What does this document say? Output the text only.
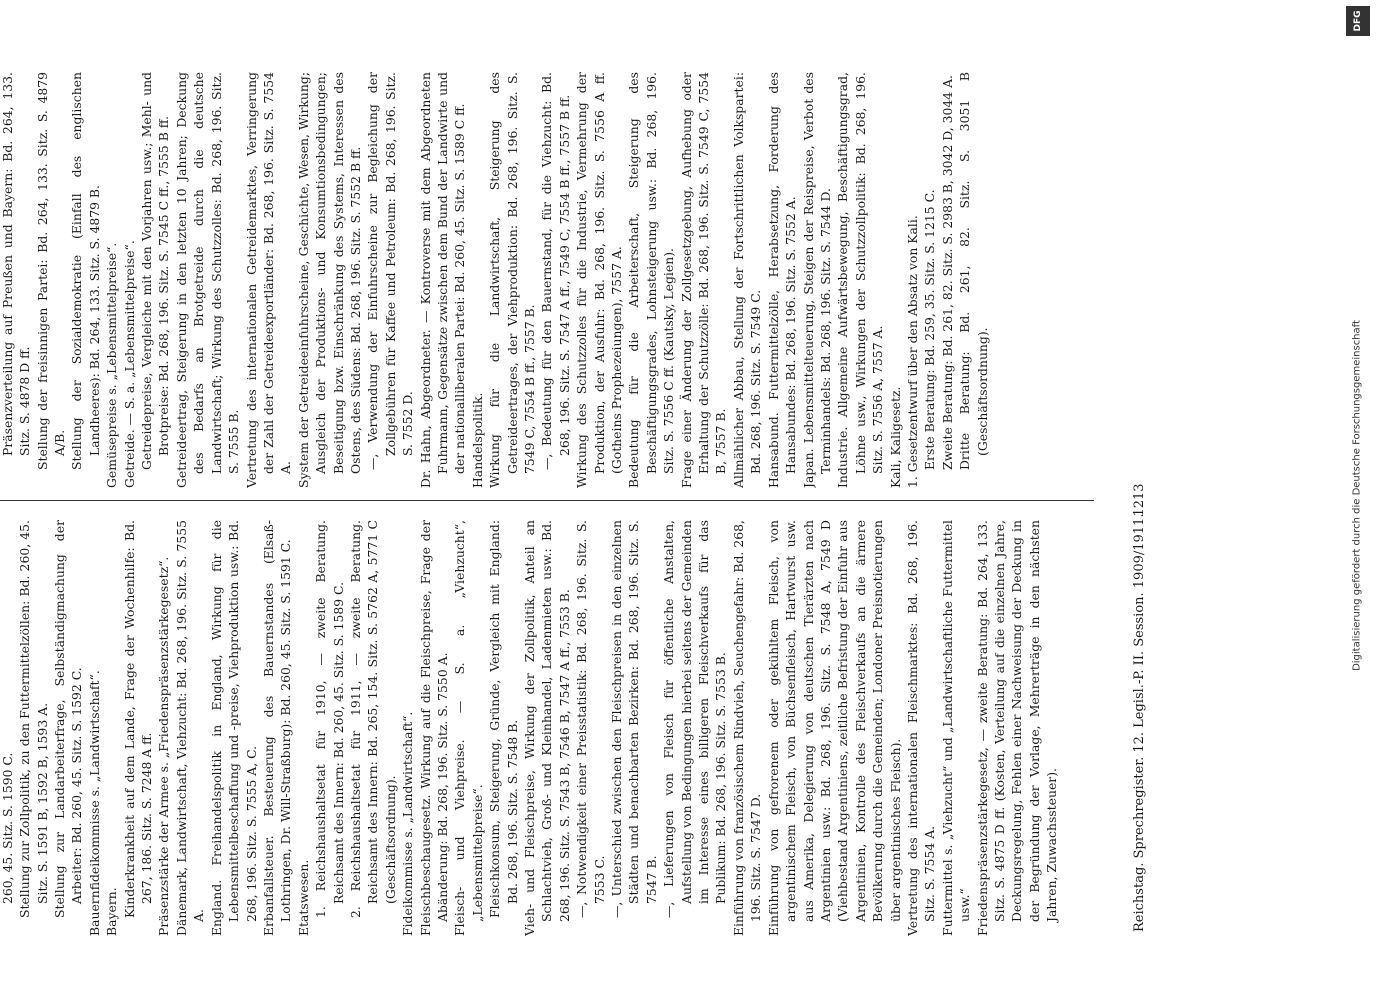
260, 45. Sitz. S. 1590 C. Stellung zur Zollpolitik, zu den Futtermittelzöllen: Bd. 260, 45. Sitz. S. 1591 B, 1592 B, 1593 A. Stellung zur Landarbeiterfrage, Selbständigmachung der Arbeiter: Bd. 260, 45. Sitz. S. 1592 C. Bauernfideikommisse s. „Landwirtschaft“. Bayern. Kinderkrankheit auf dem Lande, Frage der Wochenhilfe: Bd. 267, 186. Sitz. S. 7248 A ff. Präsenzstärke der Armee s. „Friedenspräsenzstärkegesetz“. Dänemark, Landwirtschaft, Viehzucht: Bd. 268, 196. Sitz. S. 7555 A. England. Freihandelspolitik in England, Wirkung für die Lebensmittelbeschaffung und -preise, Viehproduktion usw.: Bd. 268, 196. Sitz. S. 7555 A, C. Erbanfallsteuer. Besteuerung des Bauernstandes (Elsaß-Lothringen, Dr. Will-Straßburg): Bd. 260, 45. Sitz. S. 1591 C. Etatswesen. 1. Reichshaushaltsetat für 1910, — zweite Beratung. Reichsamt des Innern: Bd. 260, 45. Sitz. S. 1589 C. 2. Reichshaushaltsetat für 1911, — zweite Beratung. Reichsamt des Innern: Bd. 265, 154. Sitz. S. 5762 A, 5771 C (Geschäftsordnung). Fideikommisse s. „Landwirtschaft“. Fleischbeschaugesetz. Wirkung auf die Fleischpreise, Frage der Abänderung: Bd. 268, 196. Sitz. S. 7550 A. Fleisch- und Viehpreise. — S. a. „Viehzucht“, „Lebensmittelpreise“. Fleischkonsum, Steigerung, Gründe, Vergleich mit England: Bd. 268, 196. Sitz. S. 7548 B. Vieh- und Fleischpreise, Wirkung der Zollpolitik, Anteil an Schlachtvieh, Groß- und Kleinhandel, Ladenmieten usw.: Bd. 268, 196. Sitz. S. 7543 B, 7546 B, 7547 A ff., 7553 B. —, Notwendigkeit einer Preisstatistik: Bd. 268, 196. Sitz. S. 7553 C. —, Unterschied zwischen den Fleischpreisen in den einzelnen Städten und benachbarten Bezirken: Bd. 268, 196. Sitz. S. 7547 B. —, Lieferungen von Fleisch für öffentliche Anstalten, Aufstellung von Bedingungen hierbei seitens der Gemeinden im Interesse eines billigeren Fleischverkaufs für das Publikum: Bd. 268, 196. Sitz. S. 7553 B. Einführung von französischem Rindvieh, Seuchengefahr: Bd. 268, 196. Sitz. S. 7547 D. Einführung von gefrorenem oder gekühltem Fleisch, von argentinischem Fleisch, von Büchsenfleisch, Hartwurst usw. aus Amerika, Delegierung von deutschen Tierärzten nach Argentinien usw.: Bd. 268, 196. Sitz. S. 7548 A, 7549 D (Viehbestand Argentiniens, zeitliche Befristung der Einfuhr aus Argentinien, Kontrolle des Fleischverkaufs an die ärmere Bevölkerung durch die Gemeinden; Londoner Preisnotierungen über argentinisches Fleisch). Vertretung des internationalen Fleischmarktes: Bd. 268, 196. Sitz. S. 7554 A. Futtermittel s. „Viehzucht“ und „Landwirtschaftliche Futtermittel usw.“ Friedenspräsenzstärkegesetz, — zweite Beratung: Bd. 264, 133. Sitz. S. 4875 D ff. (Kosten, Verteilung auf die einzelnen Jahre, Deckungsregelung, Fehlen einer Nachweisung der Deckung in der Begründung der Vorlage, Mehrerträge in den nächsten Jahren, Zuwachssteuer).

Präsenzverteilung auf Preußen und Bayern: Bd. 264, 133. Sitz. S. 4878 D ff. Stellung der freisinnigen Partei: Bd. 264, 133. Sitz. S. 4879 A/B. Stellung der Sozialdemokratie (Einfall des englischen Landheeres): Bd. 264, 133. Sitz. S. 4879 B. Gemüsepreise s. „Lebensmittelpreise“. Getreide. — S. a. „Lebensmittelpreise“. Getreidepreise, Vergleiche mit den Vorjahren usw.; Mehl- und Brotpreise: Bd. 268, 196. Sitz. S. 7545 C ff., 7555 B ff. Getreideertrag, Steigerung in den letzten 10 Jahren; Deckung des Bedarfs an Brotgetreide durch die deutsche Landwirtschaft; Wirkung des Schutzzolles: Bd. 268, 196. Sitz. S. 7555 B. Vertretung des internationalen Getreidemarktes, Verringerung der Zahl der Getreideexportländer: Bd. 268, 196. Sitz. S. 7554 A. System der Getreideeinfuhrscheine, Geschichte, Wesen, Wirkung; Ausgleich der Produktions- und Konsumtionsbedingungen; Beseitigung bzw. Einschränkung des Systems, Interessen des Ostens, des Südens: Bd. 268, 196. Sitz. S. 7552 B ff. —, Verwendung der Einfuhrscheine zur Begleichung der Zollgebühren für Kaffee und Petroleum: Bd. 268, 196. Sitz. S. 7552 D. Dr. Hahn, Abgeordneter. — Kontroverse mit dem Abgeordneten Fuhrmann, Gegensätze zwischen dem Bund der Landwirte und der nationalliberalen Partei: Bd. 260, 45. Sitz. S. 1589 C ff. Handelspolitik. Wirkung für die Landwirtschaft, Steigerung des Getreideertrages, der Viehproduktion: Bd. 268, 196. Sitz. S. 7549 C, 7554 B ff., 7557 B. —, Bedeutung für den Bauernstand, für die Viehzucht: Bd. 268, 196. Sitz. S. 7547 A ff., 7549 C, 7554 B ff., 7557 B ff. Wirkung des Schutzzolles für die Industrie, Vermehrung der Produktion, der Ausfuhr: Bd. 268, 196. Sitz. S. 7556 A ff. (Gotheins Prophezeiungen), 7557 A. Bedeutung für die Arbeiterschaft, Steigerung des Beschäftigungsgrades, Lohnsteigerung usw.: Bd. 268, 196. Sitz. S. 7556 C ff. (Kautsky, Legien). Frage einer Änderung der Zollgesetzgebung, Aufhebung oder Erhaltung der Schutzzölle: Bd. 268, 196. Sitz. S. 7549 C, 7554 B, 7557 B. Allmählicher Abbau, Stellung der Fortschrittlichen Volkspartei: Bd. 268, 196. Sitz. S. 7549 C. Hansabund. Futtermittelzölle, Herabsetzung, Forderung des Hansabundes: Bd. 268, 196. Sitz. S. 7552 A. Japan. Lebensmittelteuerung, Steigen der Reispreise, Verbot des Terminhandels: Bd. 268, 196. Sitz. S. 7544 D. Industrie. Allgemeine Aufwärtsbewegung, Beschäftigungsgrad, Löhne usw., Wirkungen der Schutzzollpolitik: Bd. 268, 196. Sitz. S. 7556 A, 7557 A. Kali, Kaligesetz. 1. Gesetzentwurf über den Absatz von Kali. Erste Beratung: Bd. 259, 35. Sitz. S. 1215 C. Zweite Beratung: Bd. 261, 82. Sitz. S. 2983 B, 3042 D, 3044 A. Dritte Beratung: Bd. 261, 82. Sitz. S. 3051 B (Geschäftsordnung).

Reichstag. Sprechregister. 12. Legisl.-P. II. Session. 1909/1911.
1213
DFG
Digitalisierung gefördert durch die Deutsche Forschungsgemeinschaft
